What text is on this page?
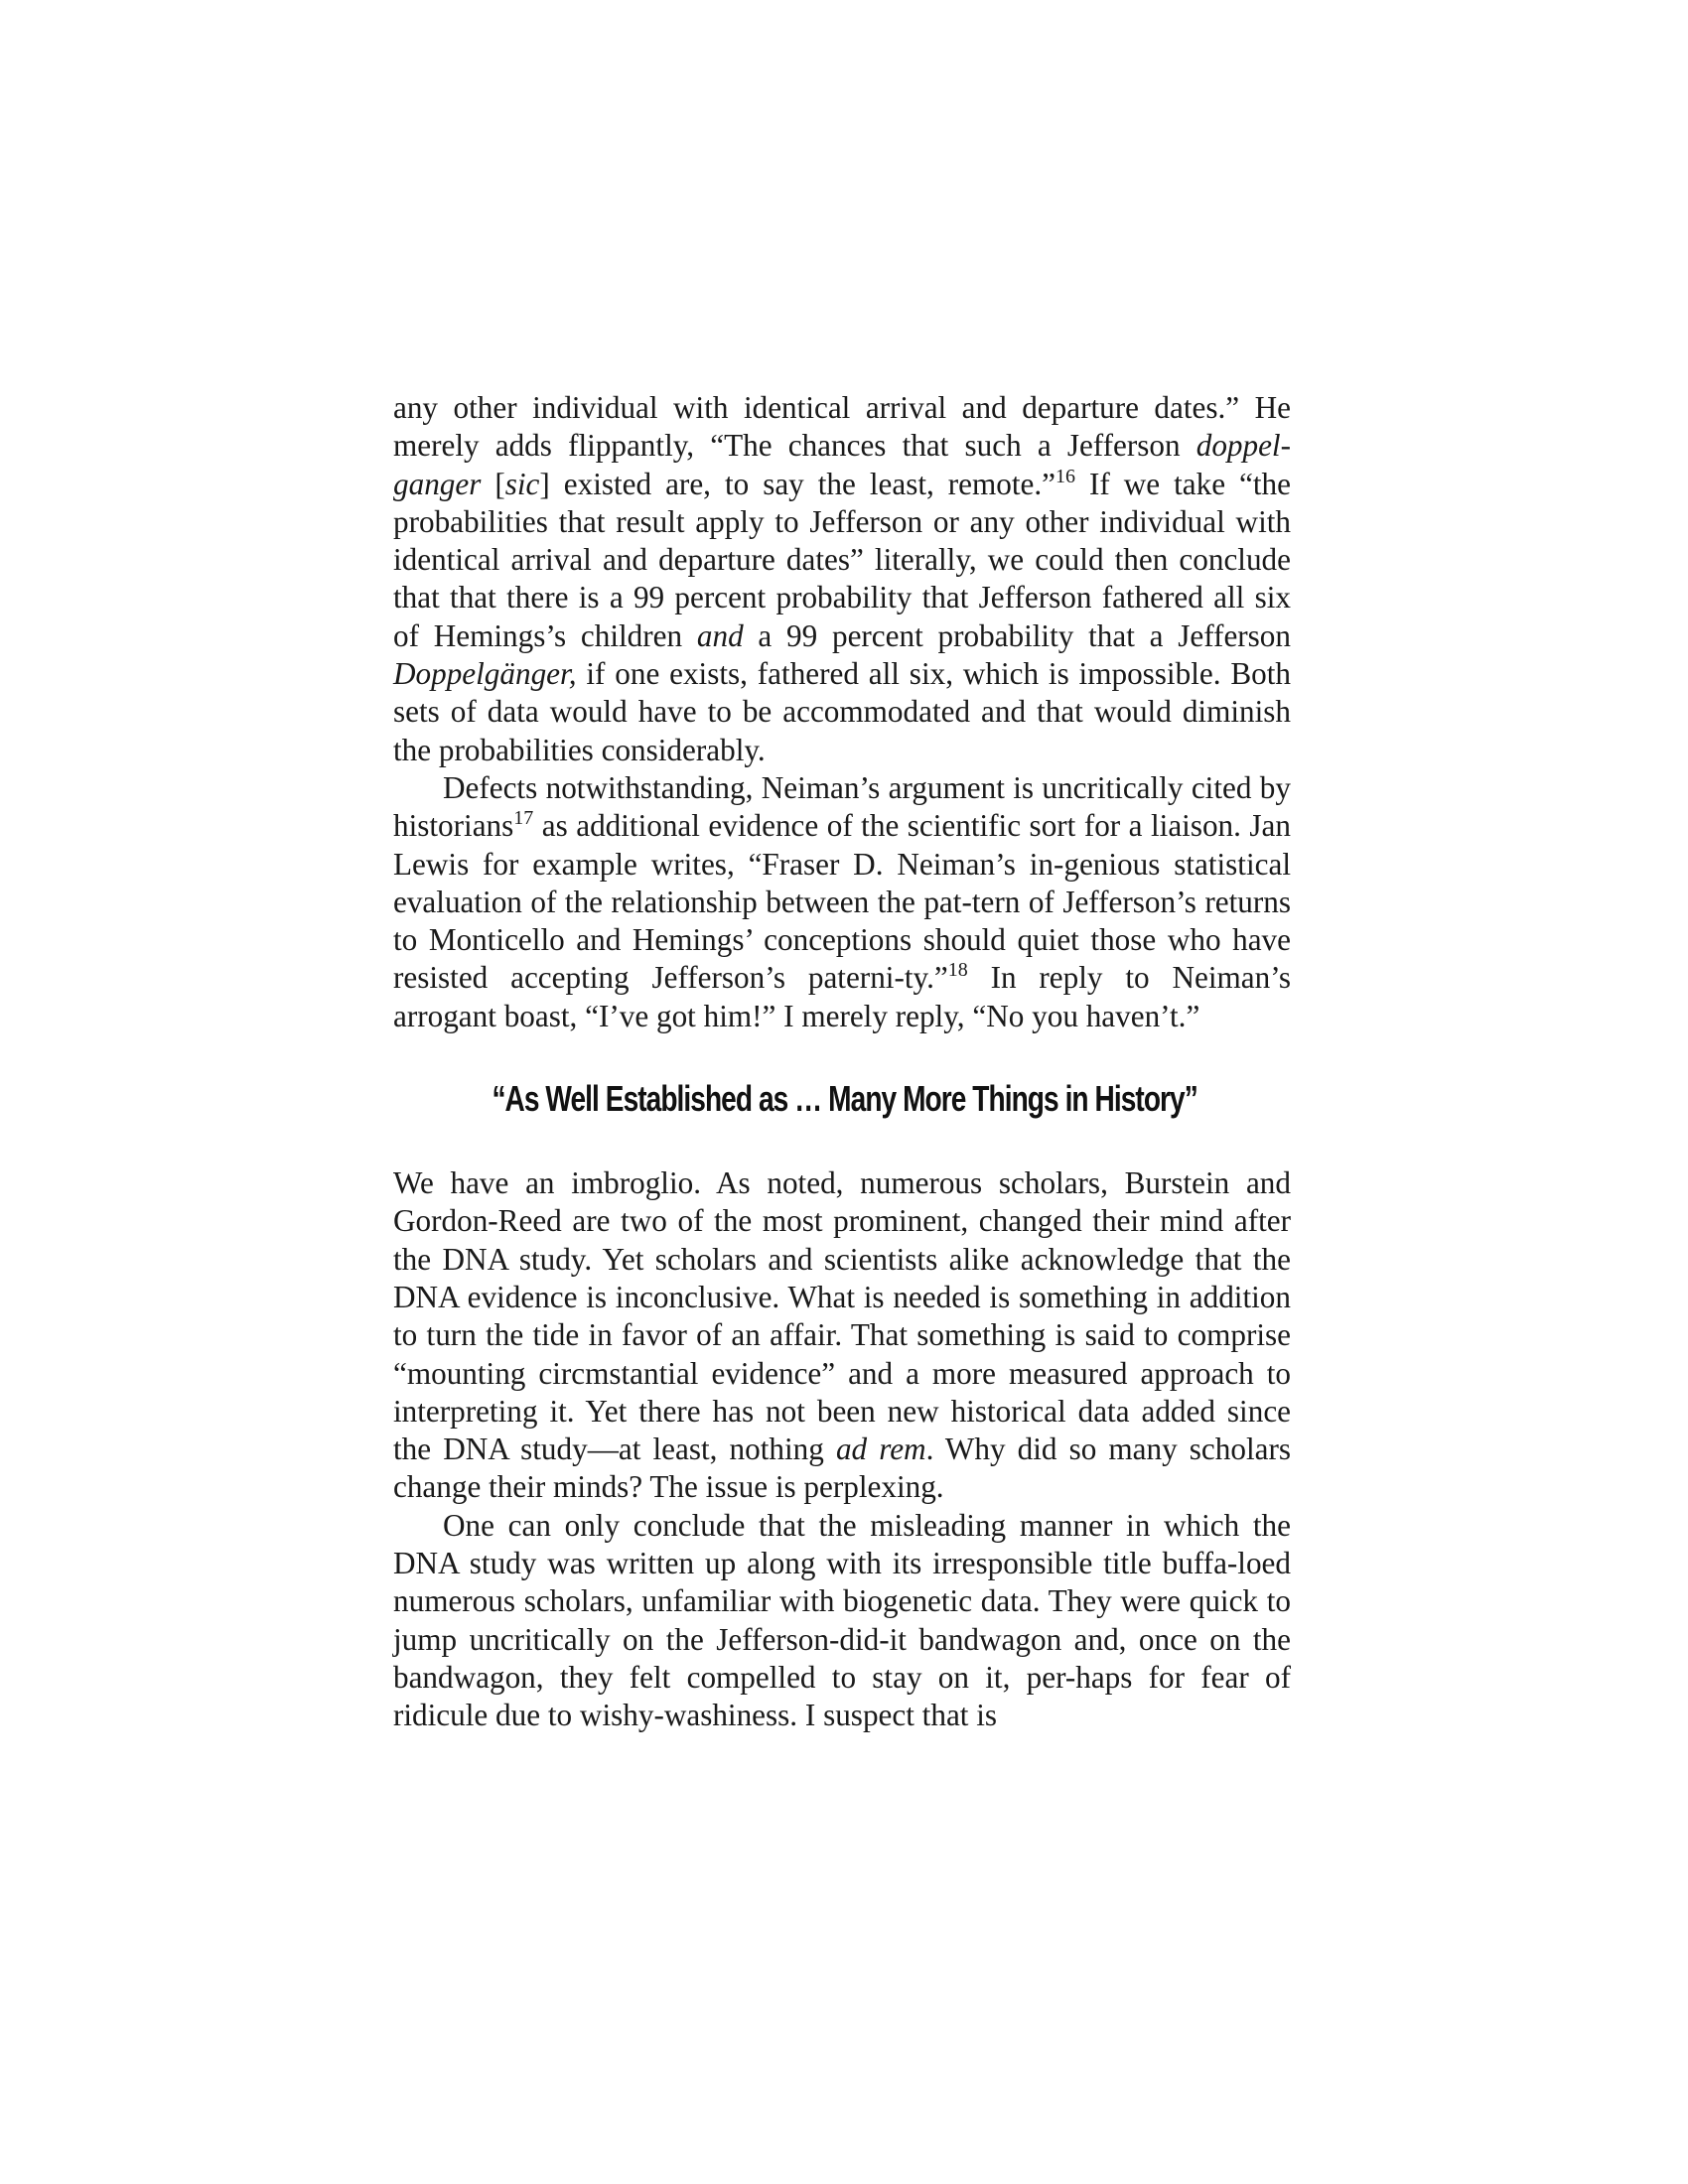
any other individual with identical arrival and departure dates.” He merely adds flippantly, “The chances that such a Jefferson doppel-ganger [sic] existed are, to say the least, remote.”$^{16}$ If we take “the probabilities that result apply to Jefferson or any other individual with identical arrival and departure dates” literally, we could then conclude that that there is a 99 percent probability that Jefferson fathered all six of Hemings’s children and a 99 percent probability that a Jefferson Doppelgänger, if one exists, fathered all six, which is impossible. Both sets of data would have to be accommodated and that would diminish the probabilities considerably.

Defects notwithstanding, Neiman’s argument is uncritically cited by historians$^{17}$ as additional evidence of the scientific sort for a liaison. Jan Lewis for example writes, “Fraser D. Neiman’s in-genious statistical evaluation of the relationship between the pat-tern of Jefferson’s returns to Monticello and Hemings’ conceptions should quiet those who have resisted accepting Jefferson’s paterni-ty.”$^{18}$ In reply to Neiman’s arrogant boast, “I’ve got him!” I merely reply, “No you haven’t.”

“As Well Established as … Many More Things in History”

We have an imbroglio. As noted, numerous scholars, Burstein and Gordon-Reed are two of the most prominent, changed their mind after the DNA study. Yet scholars and scientists alike acknowledge that the DNA evidence is inconclusive. What is needed is something in addition to turn the tide in favor of an affair. That something is said to comprise “mounting circmstantial evidence” and a more measured approach to interpreting it. Yet there has not been new historical data added since the DNA study—at least, nothing ad rem. Why did so many scholars change their minds? The issue is perplexing.

One can only conclude that the misleading manner in which the DNA study was written up along with its irresponsible title buffa-loed numerous scholars, unfamiliar with biogenetic data. They were quick to jump uncritically on the Jefferson-did-it bandwagon and, once on the bandwagon, they felt compelled to stay on it, per-haps for fear of ridicule due to wishy-washiness. I suspect that is
